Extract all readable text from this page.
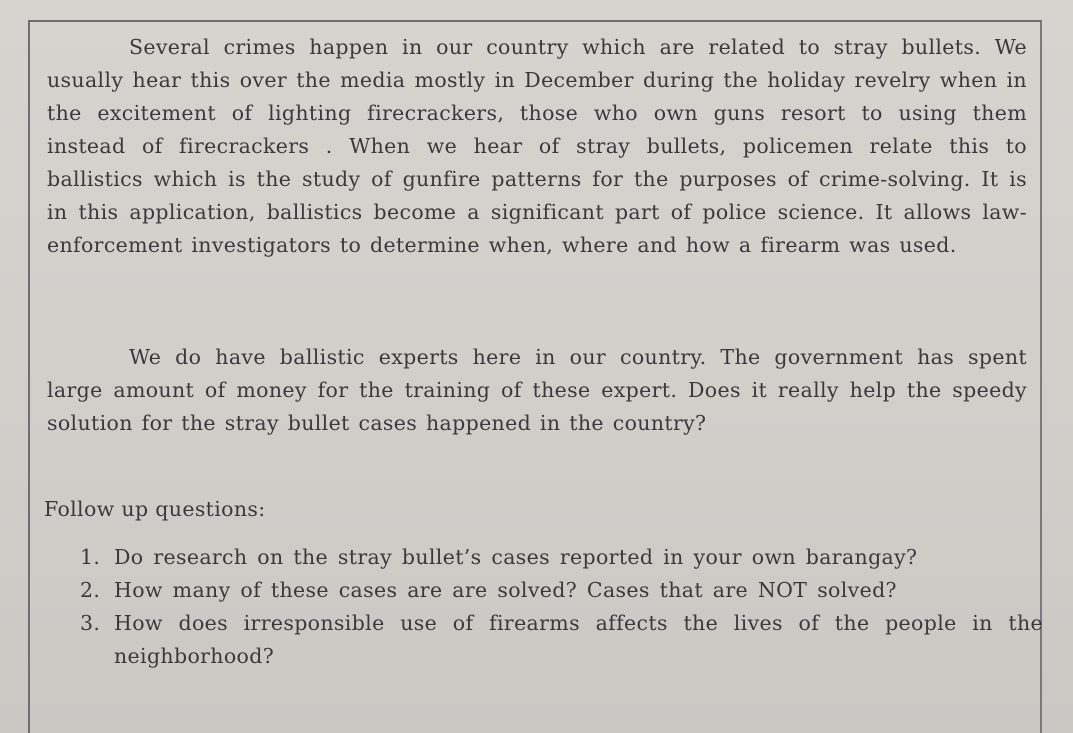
Several crimes happen in our country which are related to stray bullets. We usually hear this over the media mostly in December during the holiday revelry when in the excitement of lighting firecrackers, those who own guns resort to using them instead of firecrackers . When we hear of stray bullets, policemen relate this to ballistics which is the study of gunfire patterns for the purposes of crime-solving. It is in this application, ballistics become a significant part of police science. It allows law-enforcement investigators to determine when, where and how a firearm was used.

We do have ballistic experts here in our country. The government has spent large amount of money for the training of these expert. Does it really help the speedy solution for the stray bullet cases happened in the country?

Follow up questions:

1. Do research on the stray bullet’s cases reported in your own barangay?
2. How many of these cases are are solved? Cases that are NOT solved?
3. How does irresponsible use of firearms affects the lives of the people in the neighborhood?
